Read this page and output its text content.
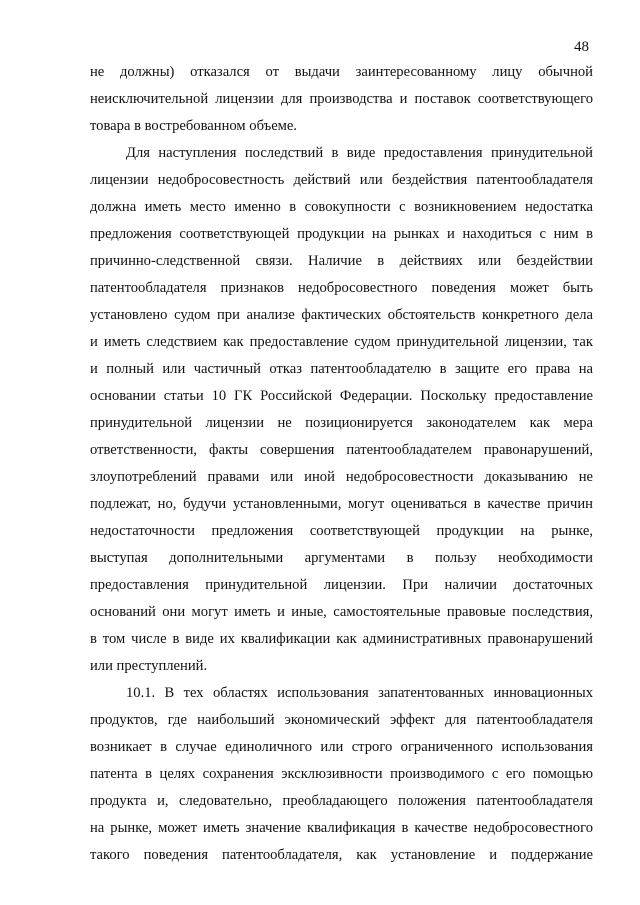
48
не должны) отказался от выдачи заинтересованному лицу обычной
неисключительной лицензии для производства и поставок соответствующего
товара в востребованном объеме.
Для наступления последствий в виде предоставления принудительной
лицензии недобросовестность действий или бездействия патентообладателя
должна иметь место именно в совокупности с возникновением недостатка
предложения соответствующей продукции на рынках и находиться с ним в
причинно-следственной связи. Наличие в действиях или бездействии
патентообладателя признаков недобросовестного поведения может быть
установлено судом при анализе фактических обстоятельств конкретного дела
и иметь следствием как предоставление судом принудительной лицензии, так
и полный или частичный отказ патентообладателю в защите его права на
основании статьи 10 ГК Российской Федерации. Поскольку предоставление
принудительной лицензии не позиционируется законодателем как мера
ответственности, факты совершения патентообладателем правонарушений,
злоупотреблений правами или иной недобросовестности доказыванию не
подлежат, но, будучи установленными, могут оцениваться в качестве причин
недостаточности предложения соответствующей продукции на рынке,
выступая дополнительными аргументами в пользу необходимости
предоставления принудительной лицензии. При наличии достаточных
оснований они могут иметь и иные, самостоятельные правовые последствия,
в том числе в виде их квалификации как административных правонарушений
или преступлений.
10.1. В тех областях использования запатентованных инновационных
продуктов, где наибольший экономический эффект для патентообладателя
возникает в случае единоличного или строго ограниченного использования
патента в целях сохранения эксклюзивности производимого с его помощью
продукта и, следовательно, преобладающего положения патентообладателя
на рынке, может иметь значение квалификация в качестве недобросовестного
такого поведения патентообладателя, как установление и поддержание
